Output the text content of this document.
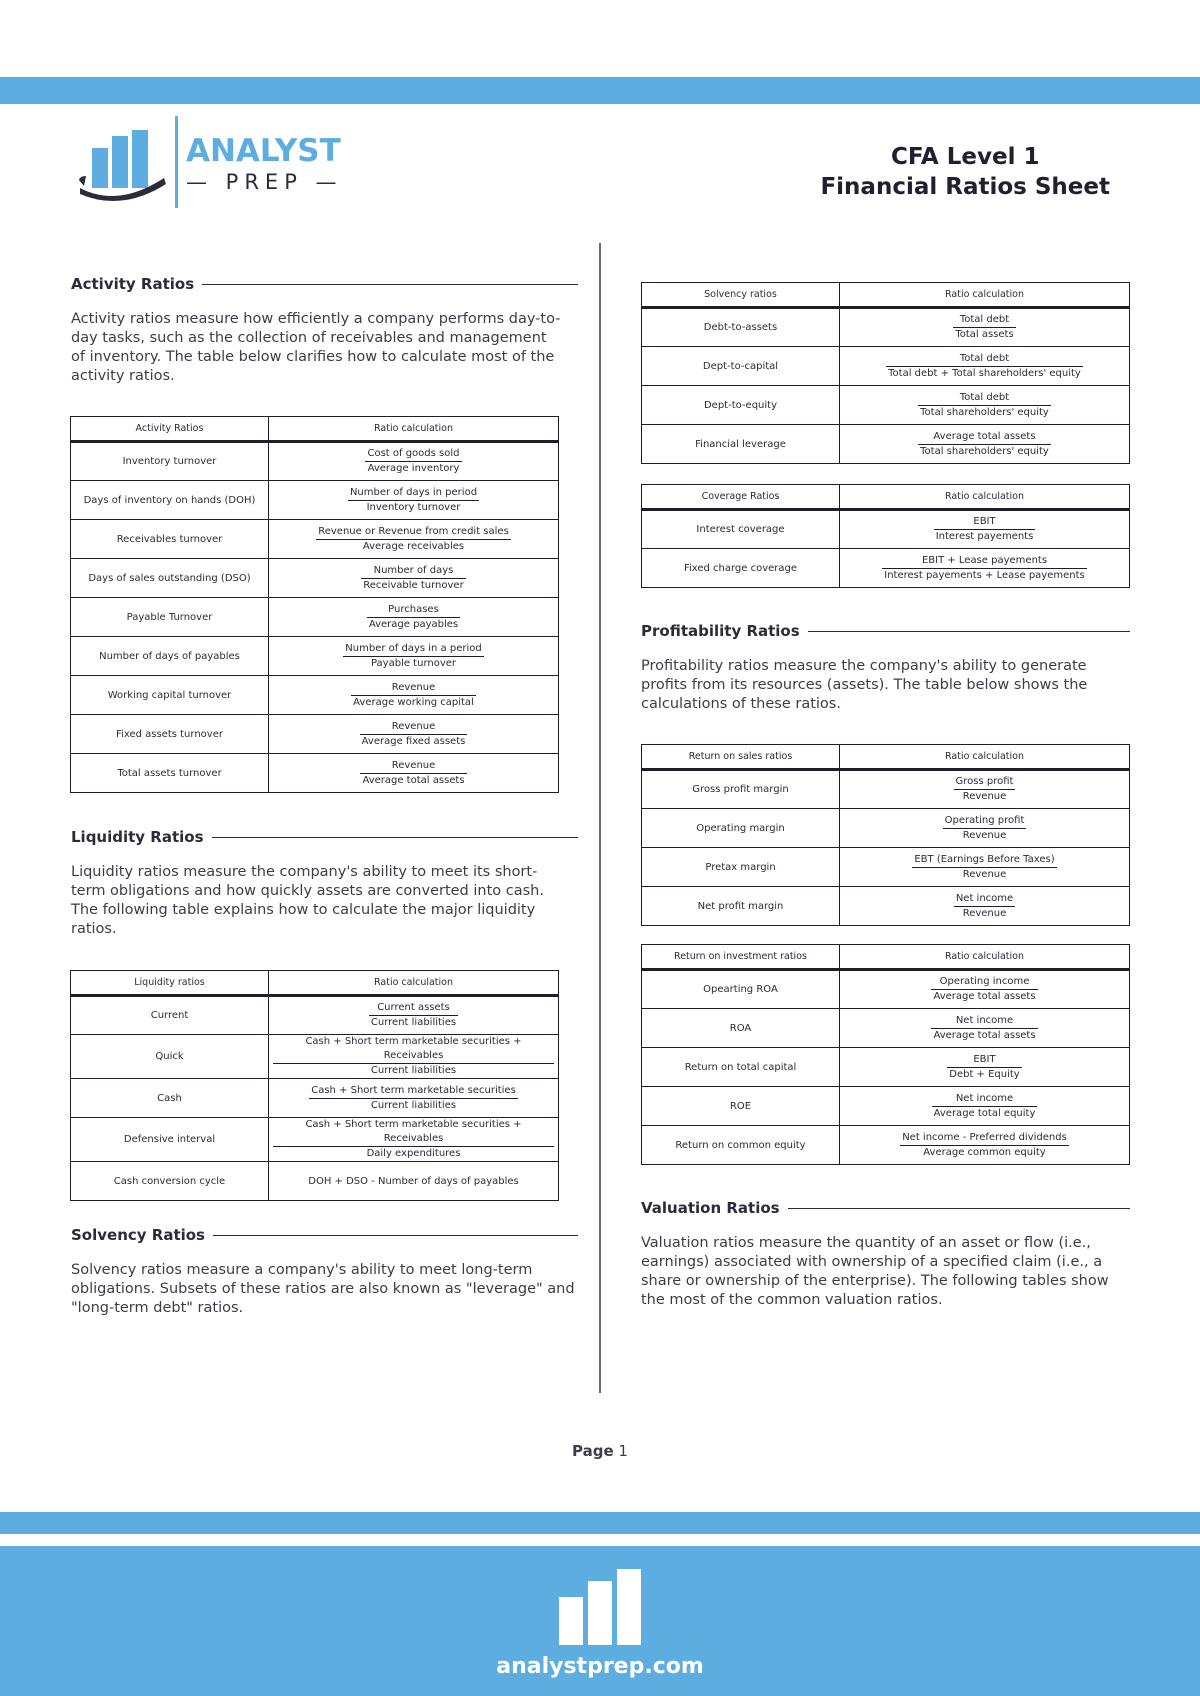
ANALYST
— PREP —
CFA Level 1
Financial Ratios Sheet
Activity Ratios
Activity ratios measure how efficiently a company performs day-to-day tasks, such as the collection of receivables and management of inventory. The table below clarifies how to calculate most of the activity ratios.
Activity Ratios	Ratio calculation
Inventory turnover	$\frac{\text{Cost of goods sold}}{\text{Average inventory}}$

Days of inventory on hands (DOH)	$\frac{\text{Number of days in period}}{\text{Inventory turnover}}$

Receivables turnover	$\frac{\text{Revenue or Revenue from credit sales}}{\text{Average receivables}}$

Days of sales outstanding (DSO)	$\frac{\text{Number of days}}{\text{Receivable turnover}}$

Payable Turnover	$\frac{\text{Purchases}}{\text{Average payables}}$

Number of days of payables	$\frac{\text{Number of days in a period}}{\text{Payable turnover}}$

Working capital turnover	$\frac{\text{Revenue}}{\text{Average working capital}}$

Fixed assets turnover	$\frac{\text{Revenue}}{\text{Average fixed assets}}$

Total assets turnover	$\frac{\text{Revenue}}{\text{Average total assets}}$
Liquidity Ratios
Liquidity ratios measure the company's ability to meet its short-term obligations and how quickly assets are converted into cash. The following table explains how to calculate the major liquidity ratios.
Liquidity ratios	Ratio calculation
Current	$\frac{\text{Current assets}}{\text{Current liabilities}}$

Quick	$\frac{\text{Cash + Short term marketable securities + Receivables}}{\text{Current liabilities}}$

Cash	$\frac{\text{Cash + Short term marketable securities}}{\text{Current liabilities}}$

Defensive interval	$\frac{\text{Cash + Short term marketable securities + Receivables}}{\text{Daily expenditures}}$

Cash conversion cycle	DOH + DSO - Number of days of payables
Solvency Ratios
Solvency ratios measure a company's ability to meet long-term obligations. Subsets of these ratios are also known as "leverage" and "long-term debt" ratios.
Solvency ratios	Ratio calculation
Debt-to-assets	$\frac{\text{Total debt}}{\text{Total assets}}$

Dept-to-capital	$\frac{\text{Total debt}}{\text{Total debt + Total shareholders' equity}}$

Dept-to-equity	$\frac{\text{Total debt}}{\text{Total shareholders' equity}}$

Financial leverage	$\frac{\text{Average total assets}}{\text{Total shareholders' equity}}$
Coverage Ratios	Ratio calculation
Interest coverage	$\frac{\text{EBIT}}{\text{Interest payements}}$

Fixed charge coverage	$\frac{\text{EBIT + Lease payements}}{\text{Interest payements + Lease payements}}$
Profitability Ratios
Profitability ratios measure the company's ability to generate profits from its resources (assets). The table below shows the calculations of these ratios.
Return on sales ratios	Ratio calculation
Gross profit margin	$\frac{\text{Gross profit}}{\text{Revenue}}$

Operating margin	$\frac{\text{Operating profit}}{\text{Revenue}}$

Pretax margin	$\frac{\text{EBT (Earnings Before Taxes)}}{\text{Revenue}}$

Net profit margin	$\frac{\text{Net income}}{\text{Revenue}}$
Return on investment ratios	Ratio calculation
Opearting ROA	$\frac{\text{Operating income}}{\text{Average total assets}}$

ROA	$\frac{\text{Net income}}{\text{Average total assets}}$

Return on total capital	$\frac{\text{EBIT}}{\text{Debt + Equity}}$

ROE	$\frac{\text{Net income}}{\text{Average total equity}}$

Return on common equity	$\frac{\text{Net income - Preferred dividends}}{\text{Average common equity}}$
Valuation Ratios
Valuation ratios measure the quantity of an asset or flow (i.e., earnings) associated with ownership of a specified claim (i.e., a share or ownership of the enterprise). The following tables show the most of the common valuation ratios.
Page 1
analystprep.com
